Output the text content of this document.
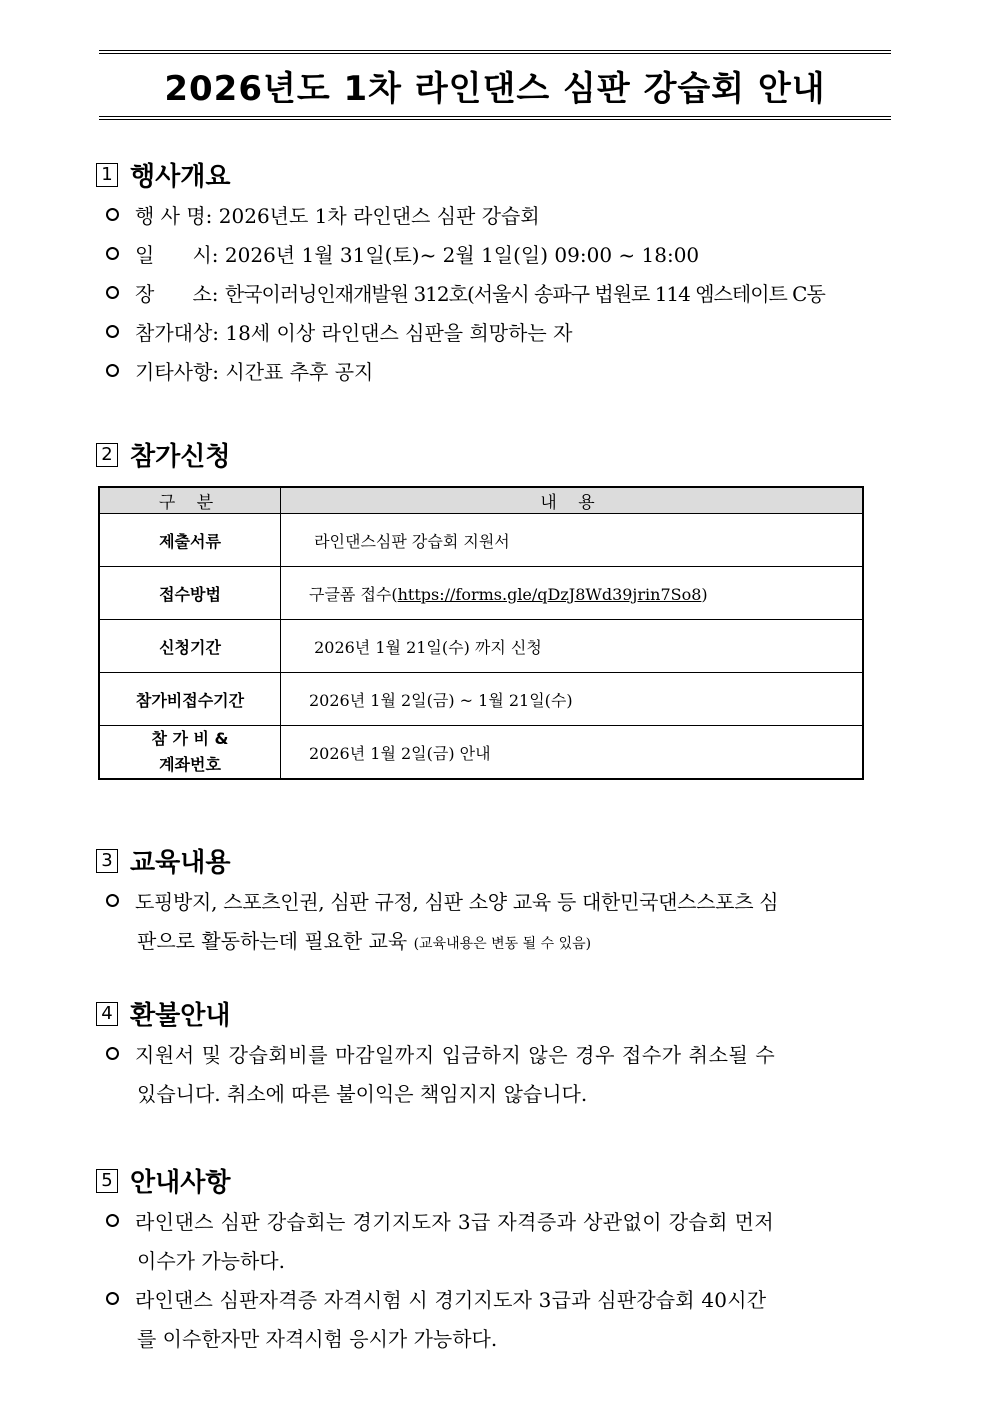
2026년도 1차 라인댄스 심판 강습회 안내
1 행사개요
행 사 명:
2026년도 1차 라인댄스 심판 강습회
일      시:
2026년 1월 31일(토)~ 2월 1일(일) 09:00 ~ 18:00
장      소:
한국이러닝인재개발원 312호(서울시 송파구 법원로 114 엠스테이트 C동
참가대상:
18세 이상 라인댄스 심판을 희망하는 자
기타사항:
시간표 추후 공지
2 참가신청
구 분	내 용
제출서류	라인댄스심판 강습회 지원서
접수방법	구글폼 접수(https://forms.gle/qDzJ8Wd39jrin7So8)
신청기간	2026년 1월 21일(수) 까지 신청
참가비접수기간	2026년 1월 2일(금) ~ 1월 21일(수)
참 가 비 &
계좌번호	2026년 1월 2일(금) 안내
3 교육내용
도핑방지, 스포츠인권, 심판 규정, 심판 소양 교육 등 대한민국댄스스포츠 심
판으로 활동하는데 필요한 교육 (교육내용은 변동 될 수 있음)
4 환불안내
지원서 및 강습회비를 마감일까지 입금하지 않은 경우 접수가 취소될 수
있습니다. 취소에 따른 불이익은 책임지지 않습니다.
5 안내사항
라인댄스 심판 강습회는 경기지도자 3급 자격증과 상관없이 강습회 먼저
이수가 가능하다.
라인댄스 심판자격증 자격시험 시 경기지도자 3급과 심판강습회 40시간
를 이수한자만 자격시험 응시가 가능하다.
